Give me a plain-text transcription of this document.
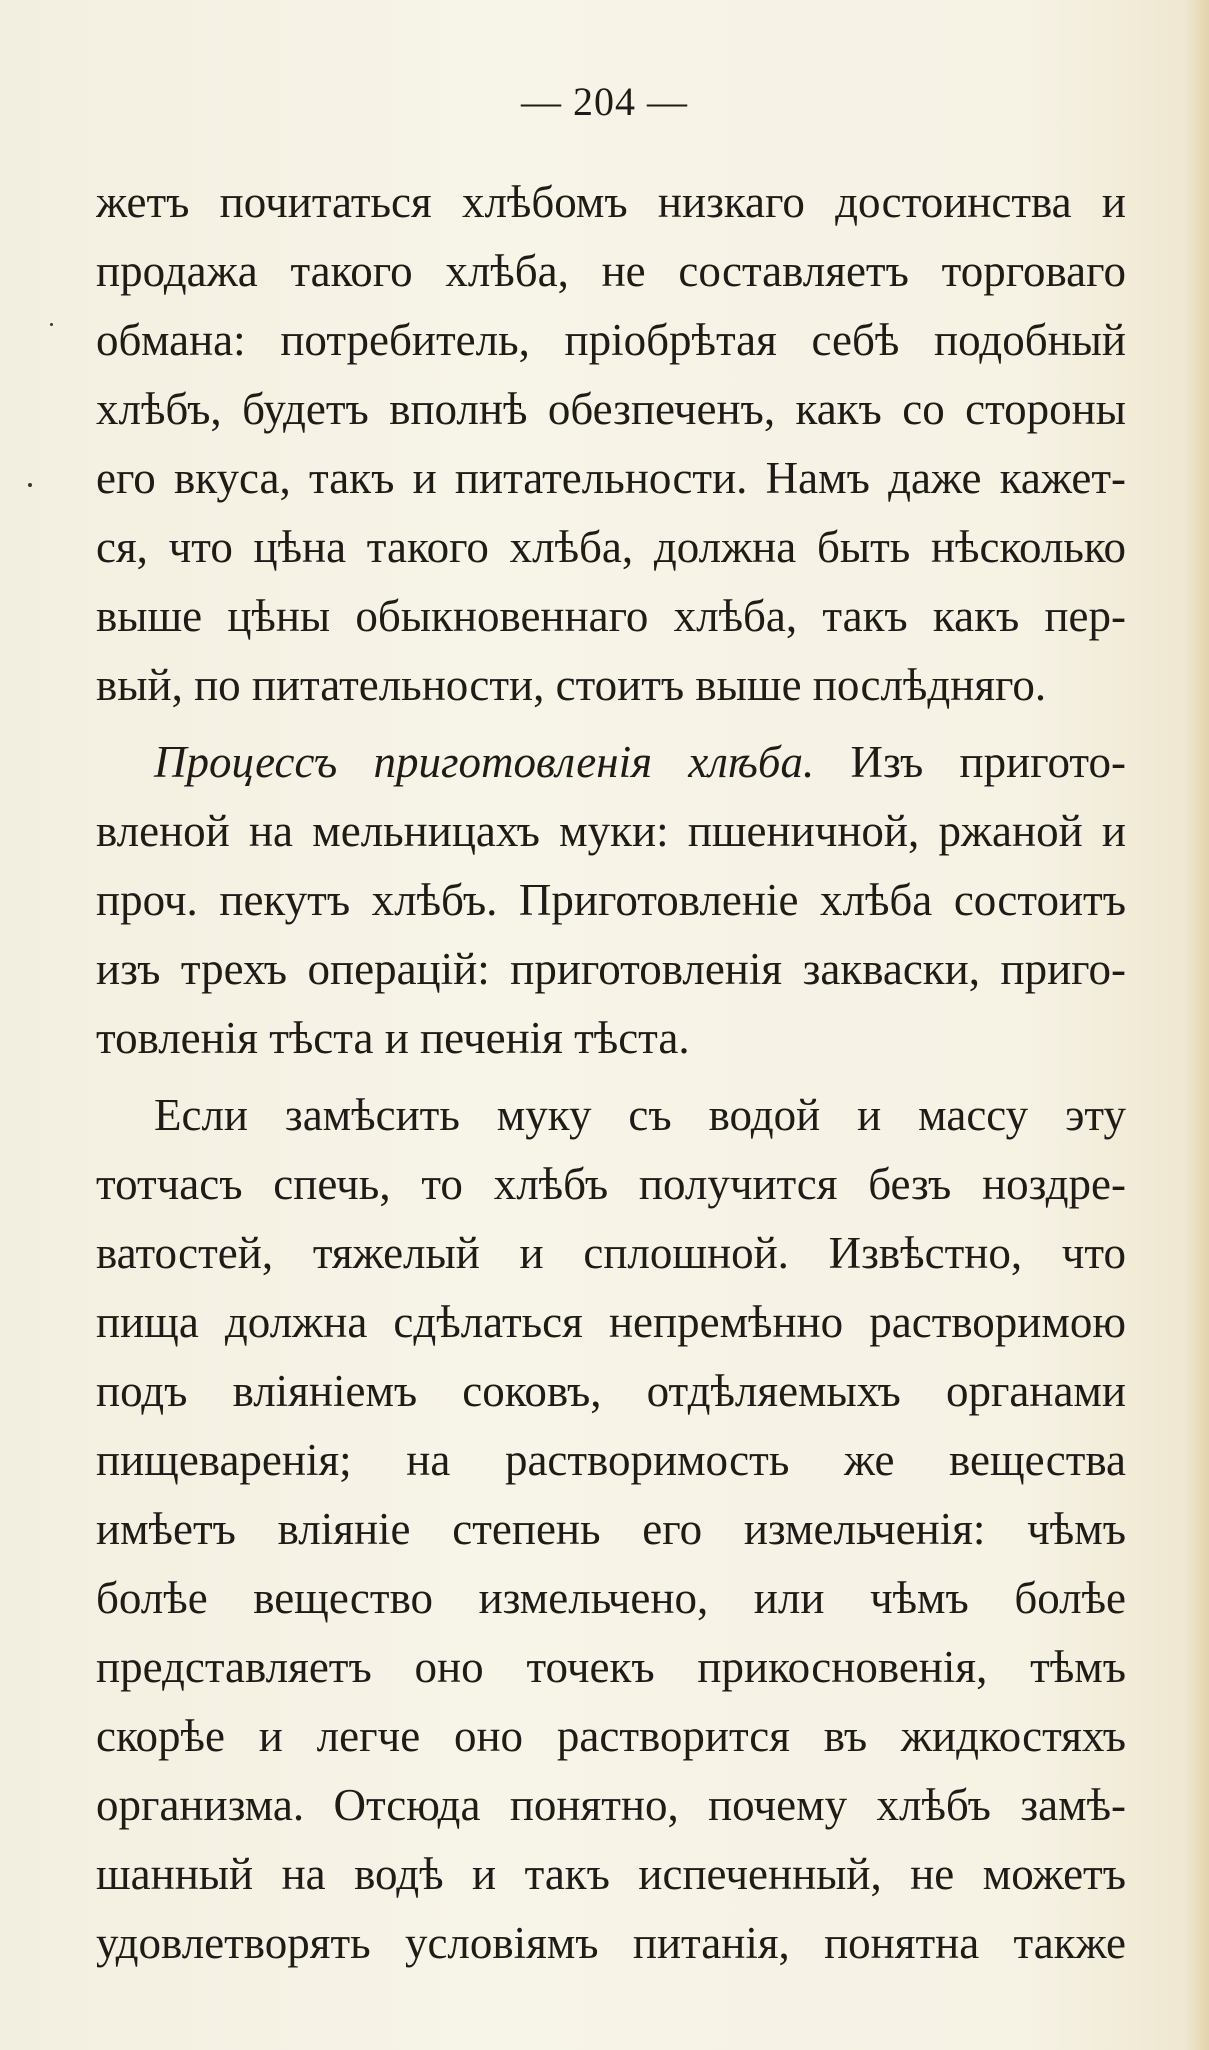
— 204 —
жетъ почитаться хлѣбомъ низкаго достоинства и
продажа такого хлѣба, не составляетъ торговаго
обмана: потребитель, пріобрѣтая себѣ подобный
хлѣбъ, будетъ вполнѣ обезпеченъ, какъ со стороны
его вкуса, такъ и питательности. Намъ даже кажет-
ся, что цѣна такого хлѣба, должна быть нѣсколько
выше цѣны обыкновеннаго хлѣба, такъ какъ пер-
вый, по питательности, стоитъ выше послѣдняго.
Процессъ приготовленія хлѣба. Изъ пригото-
вленой на мельницахъ муки: пшеничной, ржаной и
проч. пекутъ хлѣбъ. Приготовленіе хлѣба состоитъ
изъ трехъ операцій: приготовленія закваски, приго-
товленія тѣста и печенія тѣста.
Если замѣсить муку съ водой и массу эту
тотчасъ спечь, то хлѣбъ получится безъ ноздре-
ватостей, тяжелый и сплошной. Извѣстно, что
пища должна сдѣлаться непремѣнно растворимою
подъ вліяніемъ соковъ, отдѣляемыхъ органами
пищеваренія; на растворимость же вещества
имѣетъ вліяніе степень его измельченія: чѣмъ
болѣе вещество измельчено, или чѣмъ болѣе
представляетъ оно точекъ прикосновенія, тѣмъ
скорѣе и легче оно растворится въ жидкостяхъ
организма. Отсюда понятно, почему хлѣбъ замѣ-
шанный на водѣ и такъ испеченный, не можетъ
удовлетворять условіямъ питанія, понятна также
